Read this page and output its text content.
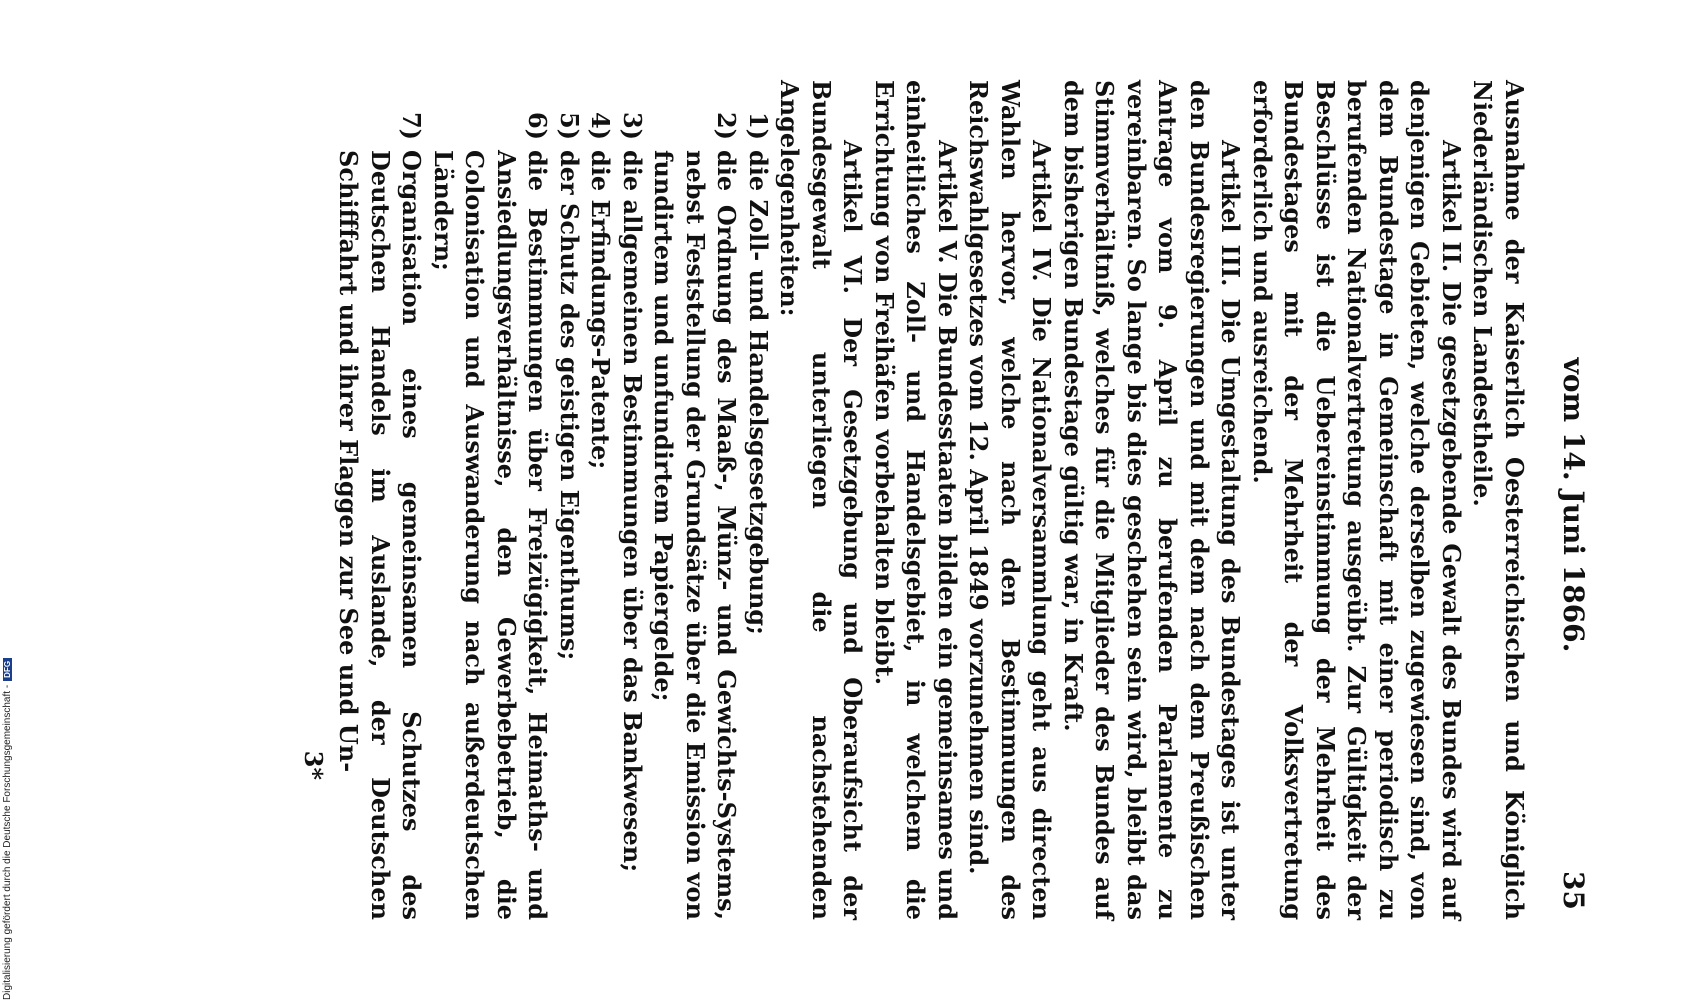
vom 14. Juni 1866.
35

Ausnahme der Kaiserlich Oesterreichischen und Königlich Niederländischen Landestheile.

Artikel II. Die gesetzgebende Gewalt des Bundes wird auf denjenigen Gebieten, welche derselben zugewiesen sind, von dem Bundestage in Gemeinschaft mit einer periodisch zu berufenden Nationalvertretung ausgeübt. Zur Gültigkeit der Beschlüsse ist die Uebereinstimmung der Mehrheit des Bundestages mit der Mehrheit der Volksvertretung erforderlich und ausreichend.

Artikel III. Die Umgestaltung des Bundestages ist unter den Bundesregierungen und mit dem nach dem Preußischen Antrage vom 9. April zu berufenden Parlamente zu vereinbaren. So lange bis dies geschehen sein wird, bleibt das Stimmverhältniß, welches für die Mitglieder des Bundes auf dem bisherigen Bundestage gültig war, in Kraft.

Artikel IV. Die Nationalversammlung geht aus directen Wahlen hervor, welche nach den Bestimmungen des Reichswahlgesetzes vom 12. April 1849 vorzunehmen sind.

Artikel V. Die Bundesstaaten bilden ein gemeinsames und einheitliches Zoll- und Handelsgebiet, in welchem die Errichtung von Freihäfen vorbehalten bleibt.

Artikel VI. Der Gesetzgebung und Oberaufsicht der Bundesgewalt unterliegen die nachstehenden Angelegenheiten:

1)
die Zoll- und Handelsgesetzgebung;
2)
die Ordnung des Maaß-, Münz- und Gewichts-Systems, nebst Feststellung der Grundsätze über die Emission von fundirtem und unfundirtem Papiergelde;
3)
die allgemeinen Bestimmungen über das Bankwesen;
4)
die Erfindungs-Patente;
5)
der Schutz des geistigen Eigenthums;
6)
die Bestimmungen über Freizügigkeit, Heimaths- und Ansiedlungsverhältnisse, den Gewerbebetrieb, die Colonisation und Auswanderung nach außerdeutschen Ländern;
7)
Organisation eines gemeinsamen Schutzes des Deutschen Handels im Auslande, der Deutschen Schifffahrt und ihrer Flaggen zur See und Un-
3*
Digitalisierung gefördert durch die Deutsche Forschungsgemeinschaft -
DFG
